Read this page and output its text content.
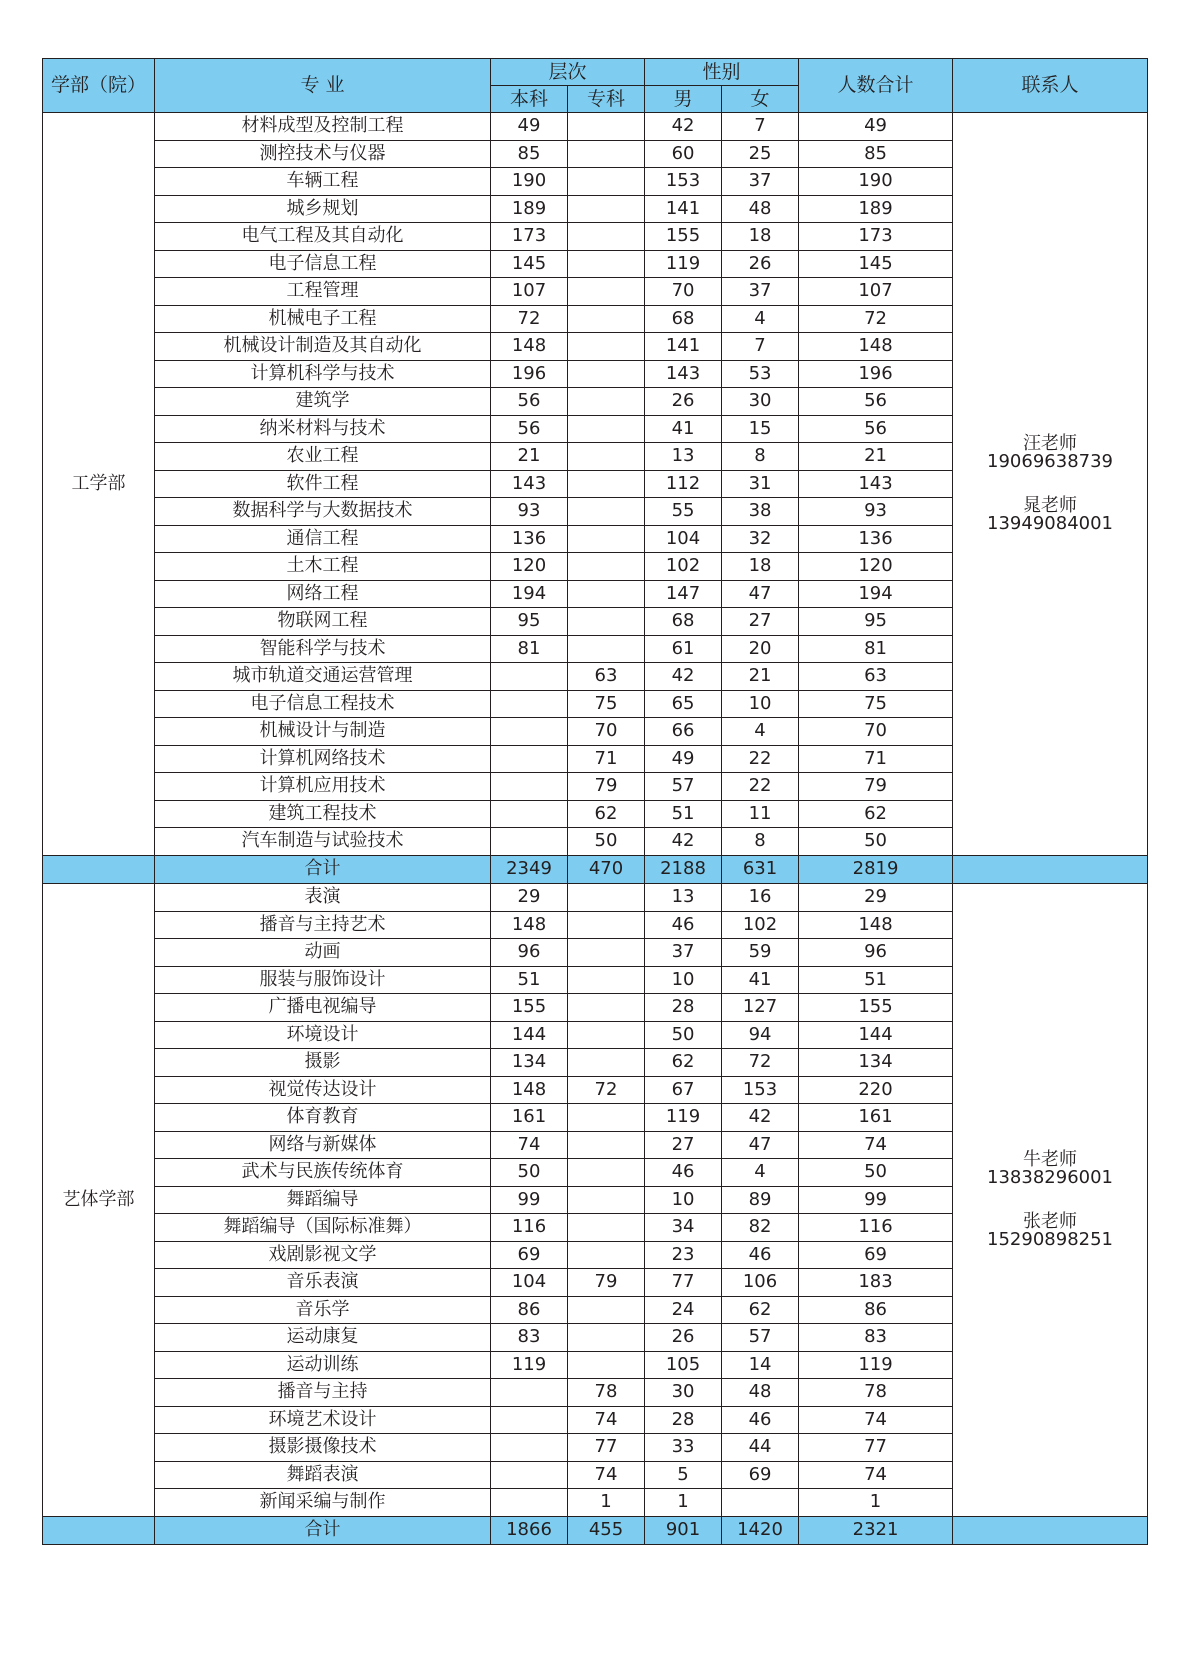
学部（院）	专 业	层次		性别		人数合计	联系人
		本科	专科	男	女		
工学部	材料成型及控制工程	49		42	7	49	汪老师
19069638739
晁老师
13949084001

	测控技术与仪器	85		60	25	85	
	车辆工程	190		153	37	190	
	城乡规划	189		141	48	189	
	电气工程及其自动化	173		155	18	173	
	电子信息工程	145		119	26	145	
	工程管理	107		70	37	107	
	机械电子工程	72		68	4	72	
	机械设计制造及其自动化	148		141	7	148	
	计算机科学与技术	196		143	53	196	
	建筑学	56		26	30	56	
	纳米材料与技术	56		41	15	56	
	农业工程	21		13	8	21	
	软件工程	143		112	31	143	
	数据科学与大数据技术	93		55	38	93	
	通信工程	136		104	32	136	
	土木工程	120		102	18	120	
	网络工程	194		147	47	194	
	物联网工程	95		68	27	95	
	智能科学与技术	81		61	20	81	
	城市轨道交通运营管理		63	42	21	63	
	电子信息工程技术		75	65	10	75	
	机械设计与制造		70	66	4	70	
	计算机网络技术		71	49	22	71	
	计算机应用技术		79	57	22	79	
	建筑工程技术		62	51	11	62	
	汽车制造与试验技术		50	42	8	50	
	合计	2349	470	2188	631	2819	
艺体学部	表演	29		13	16	29	牛老师
13838296001
张老师
15290898251

	播音与主持艺术	148		46	102	148	
	动画	96		37	59	96	
	服装与服饰设计	51		10	41	51	
	广播电视编导	155		28	127	155	
	环境设计	144		50	94	144	
	摄影	134		62	72	134	
	视觉传达设计	148	72	67	153	220	
	体育教育	161		119	42	161	
	网络与新媒体	74		27	47	74	
	武术与民族传统体育	50		46	4	50	
	舞蹈编导	99		10	89	99	
	舞蹈编导（国际标准舞）	116		34	82	116	
	戏剧影视文学	69		23	46	69	
	音乐表演	104	79	77	106	183	
	音乐学	86		24	62	86	
	运动康复	83		26	57	83	
	运动训练	119		105	14	119	
	播音与主持		78	30	48	78	
	环境艺术设计		74	28	46	74	
	摄影摄像技术		77	33	44	77	
	舞蹈表演		74	5	69	74	
	新闻采编与制作		1	1		1	
	合计	1866	455	901	1420	2321	
